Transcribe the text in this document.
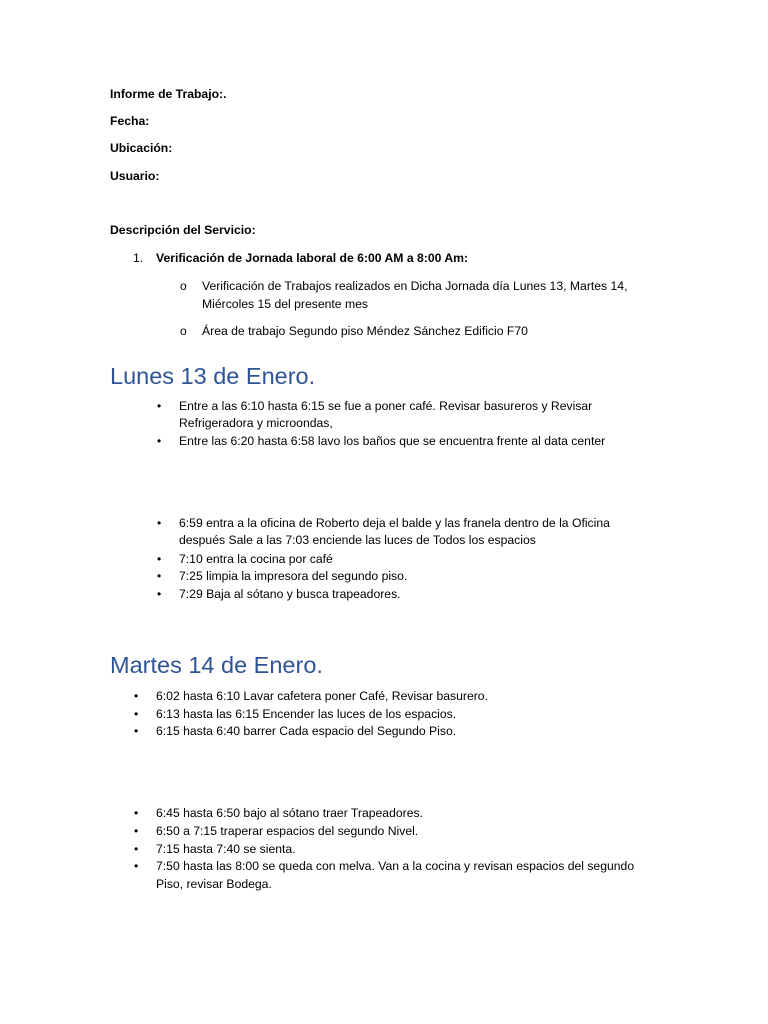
Informe de Trabajo:.
Fecha:
Ubicación:
Usuario:
Descripción del Servicio:
1. Verificación de Jornada laboral de 6:00 AM a 8:00 Am:
o Verificación de Trabajos realizados en Dicha Jornada día Lunes 13, Martes 14,
Miércoles 15 del presente mes
o Área de trabajo Segundo piso Méndez Sánchez Edificio F70
Lunes 13 de Enero.
• Entre a las 6:10 hasta 6:15 se fue a poner café. Revisar basureros y Revisar
Refrigeradora y microondas,
• Entre las 6:20 hasta 6:58 lavo los baños que se encuentra frente al data center
• 6:59 entra a la oficina de Roberto deja el balde y las franela dentro de la Oficina
después Sale a las 7:03 enciende las luces de Todos los espacios
• 7:10 entra la cocina por café
• 7:25 limpia la impresora del segundo piso.
• 7:29 Baja al sótano y busca trapeadores.
Martes 14 de Enero.
• 6:02 hasta 6:10 Lavar cafetera poner Café, Revisar basurero.
• 6:13 hasta las 6:15 Encender las luces de los espacios.
• 6:15 hasta 6:40 barrer Cada espacio del Segundo Piso.
• 6:45 hasta 6:50 bajo al sótano traer Trapeadores.
• 6:50 a 7:15 traperar espacios del segundo Nivel.
• 7:15 hasta 7:40 se sienta.
• 7:50 hasta las 8:00 se queda con melva. Van a la cocina y revisan espacios del segundo
Piso, revisar Bodega.
